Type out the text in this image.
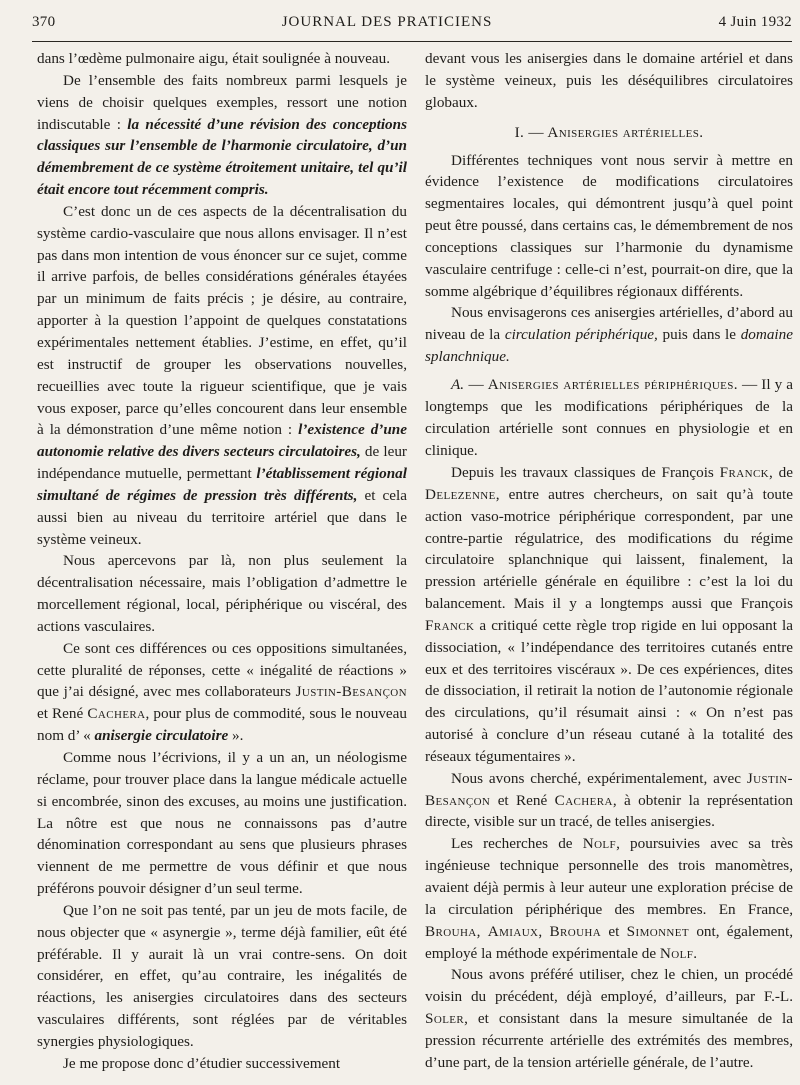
370	JOURNAL DES PRATICIENS	4 Juin 1932

dans l’œdème pulmonaire aigu, était soulignée à nouveau.

De l’ensemble des faits nombreux parmi lesquels je viens de choisir quelques exemples, ressort une notion indiscutable : la nécessité d’une révision des conceptions classiques sur l’ensemble de l’harmonie circulatoire, d’un démembrement de ce système étroitement unitaire, tel qu’il était encore tout récemment compris.

C’est donc un de ces aspects de la décentralisation du système cardio-vasculaire que nous allons envisager. Il n’est pas dans mon intention de vous énoncer sur ce sujet, comme il arrive parfois, de belles considérations générales étayées par un minimum de faits précis ; je désire, au contraire, apporter à la question l’appoint de quelques constatations expérimentales nettement établies. J’estime, en effet, qu’il est instructif de grouper les observations nouvelles, recueillies avec toute la rigueur scientifique, que je vais vous exposer, parce qu’elles concourent dans leur ensemble à la démonstration d’une même notion : l’existence d’une autonomie relative des divers secteurs circulatoires, de leur indépendance mutuelle, permettant l’établissement régional simultané de régimes de pression très différents, et cela aussi bien au niveau du territoire artériel que dans le système veineux.

Nous apercevons par là, non plus seulement la décentralisation nécessaire, mais l’obligation d’admettre le morcellement régional, local, périphérique ou viscéral, des actions vasculaires.

Ce sont ces différences ou ces oppositions simultanées, cette pluralité de réponses, cette « inégalité de réactions » que j’ai désigné, avec mes collaborateurs Justin-Besançon et René Cachera, pour plus de commodité, sous le nouveau nom d’ « anisergie circulatoire ».

Comme nous l’écrivions, il y a un an, un néologisme réclame, pour trouver place dans la langue médicale actuelle si encombrée, sinon des excuses, au moins une justification. La nôtre est que nous ne connaissons pas d’autre dénomination correspondant au sens que plusieurs phrases viennent de me permettre de vous définir et que nous préférons pouvoir désigner d’un seul terme.

Que l’on ne soit pas tenté, par un jeu de mots facile, de nous objecter que « asynergie », terme déjà familier, eût été préférable. Il y aurait là un vrai contre-sens. On doit considérer, en effet, qu’au contraire, les inégalités de réactions, les anisergies circulatoires dans des secteurs vasculaires différents, sont réglées par de véritables synergies physiologiques.

Je me propose donc d’étudier successivement

devant vous les anisergies dans le domaine artériel et dans le système veineux, puis les déséquilibres circulatoires globaux.

I. — Anisergies artérielles.

Différentes techniques vont nous servir à mettre en évidence l’existence de modifications circulatoires segmentaires locales, qui démontrent jusqu’à quel point peut être poussé, dans certains cas, le démembrement de nos conceptions classiques sur l’harmonie du dynamisme vasculaire centrifuge : celle-ci n’est, pourrait-on dire, que la somme algébrique d’équilibres régionaux différents.

Nous envisagerons ces anisergies artérielles, d’abord au niveau de la circulation périphérique, puis dans le domaine splanchnique.

A. — Anisergies artérielles périphériques. — Il y a longtemps que les modifications périphériques de la circulation artérielle sont connues en physiologie et en clinique.

Depuis les travaux classiques de François Franck, de Delezenne, entre autres chercheurs, on sait qu’à toute action vaso-motrice périphérique correspondent, par une contre-partie régulatrice, des modifications du régime circulatoire splanchnique qui laissent, finalement, la pression artérielle générale en équilibre : c’est la loi du balancement. Mais il y a longtemps aussi que François Franck a critiqué cette règle trop rigide en lui opposant la dissociation, « l’indépendance des territoires cutanés entre eux et des territoires viscéraux ». De ces expériences, dites de dissociation, il retirait la notion de l’autonomie régionale des circulations, qu’il résumait ainsi : « On n’est pas autorisé à conclure d’un réseau cutané à la totalité des réseaux tégumentaires ».

Nous avons cherché, expérimentalement, avec Justin-Besançon et René Cachera, à obtenir la représentation directe, visible sur un tracé, de telles anisergies.

Les recherches de Nolf, poursuivies avec sa très ingénieuse technique personnelle des trois manomètres, avaient déjà permis à leur auteur une exploration précise de la circulation périphérique des membres. En France, Brouha, Amiaux, Brouha et Simonnet ont, également, employé la méthode expérimentale de Nolf.

Nous avons préféré utiliser, chez le chien, un procédé voisin du précédent, déjà employé, d’ailleurs, par F.-L. Soler, et consistant dans la mesure simultanée de la pression récurrente artérielle des extrémités des membres, d’une part, de la tension artérielle générale, de l’autre.
